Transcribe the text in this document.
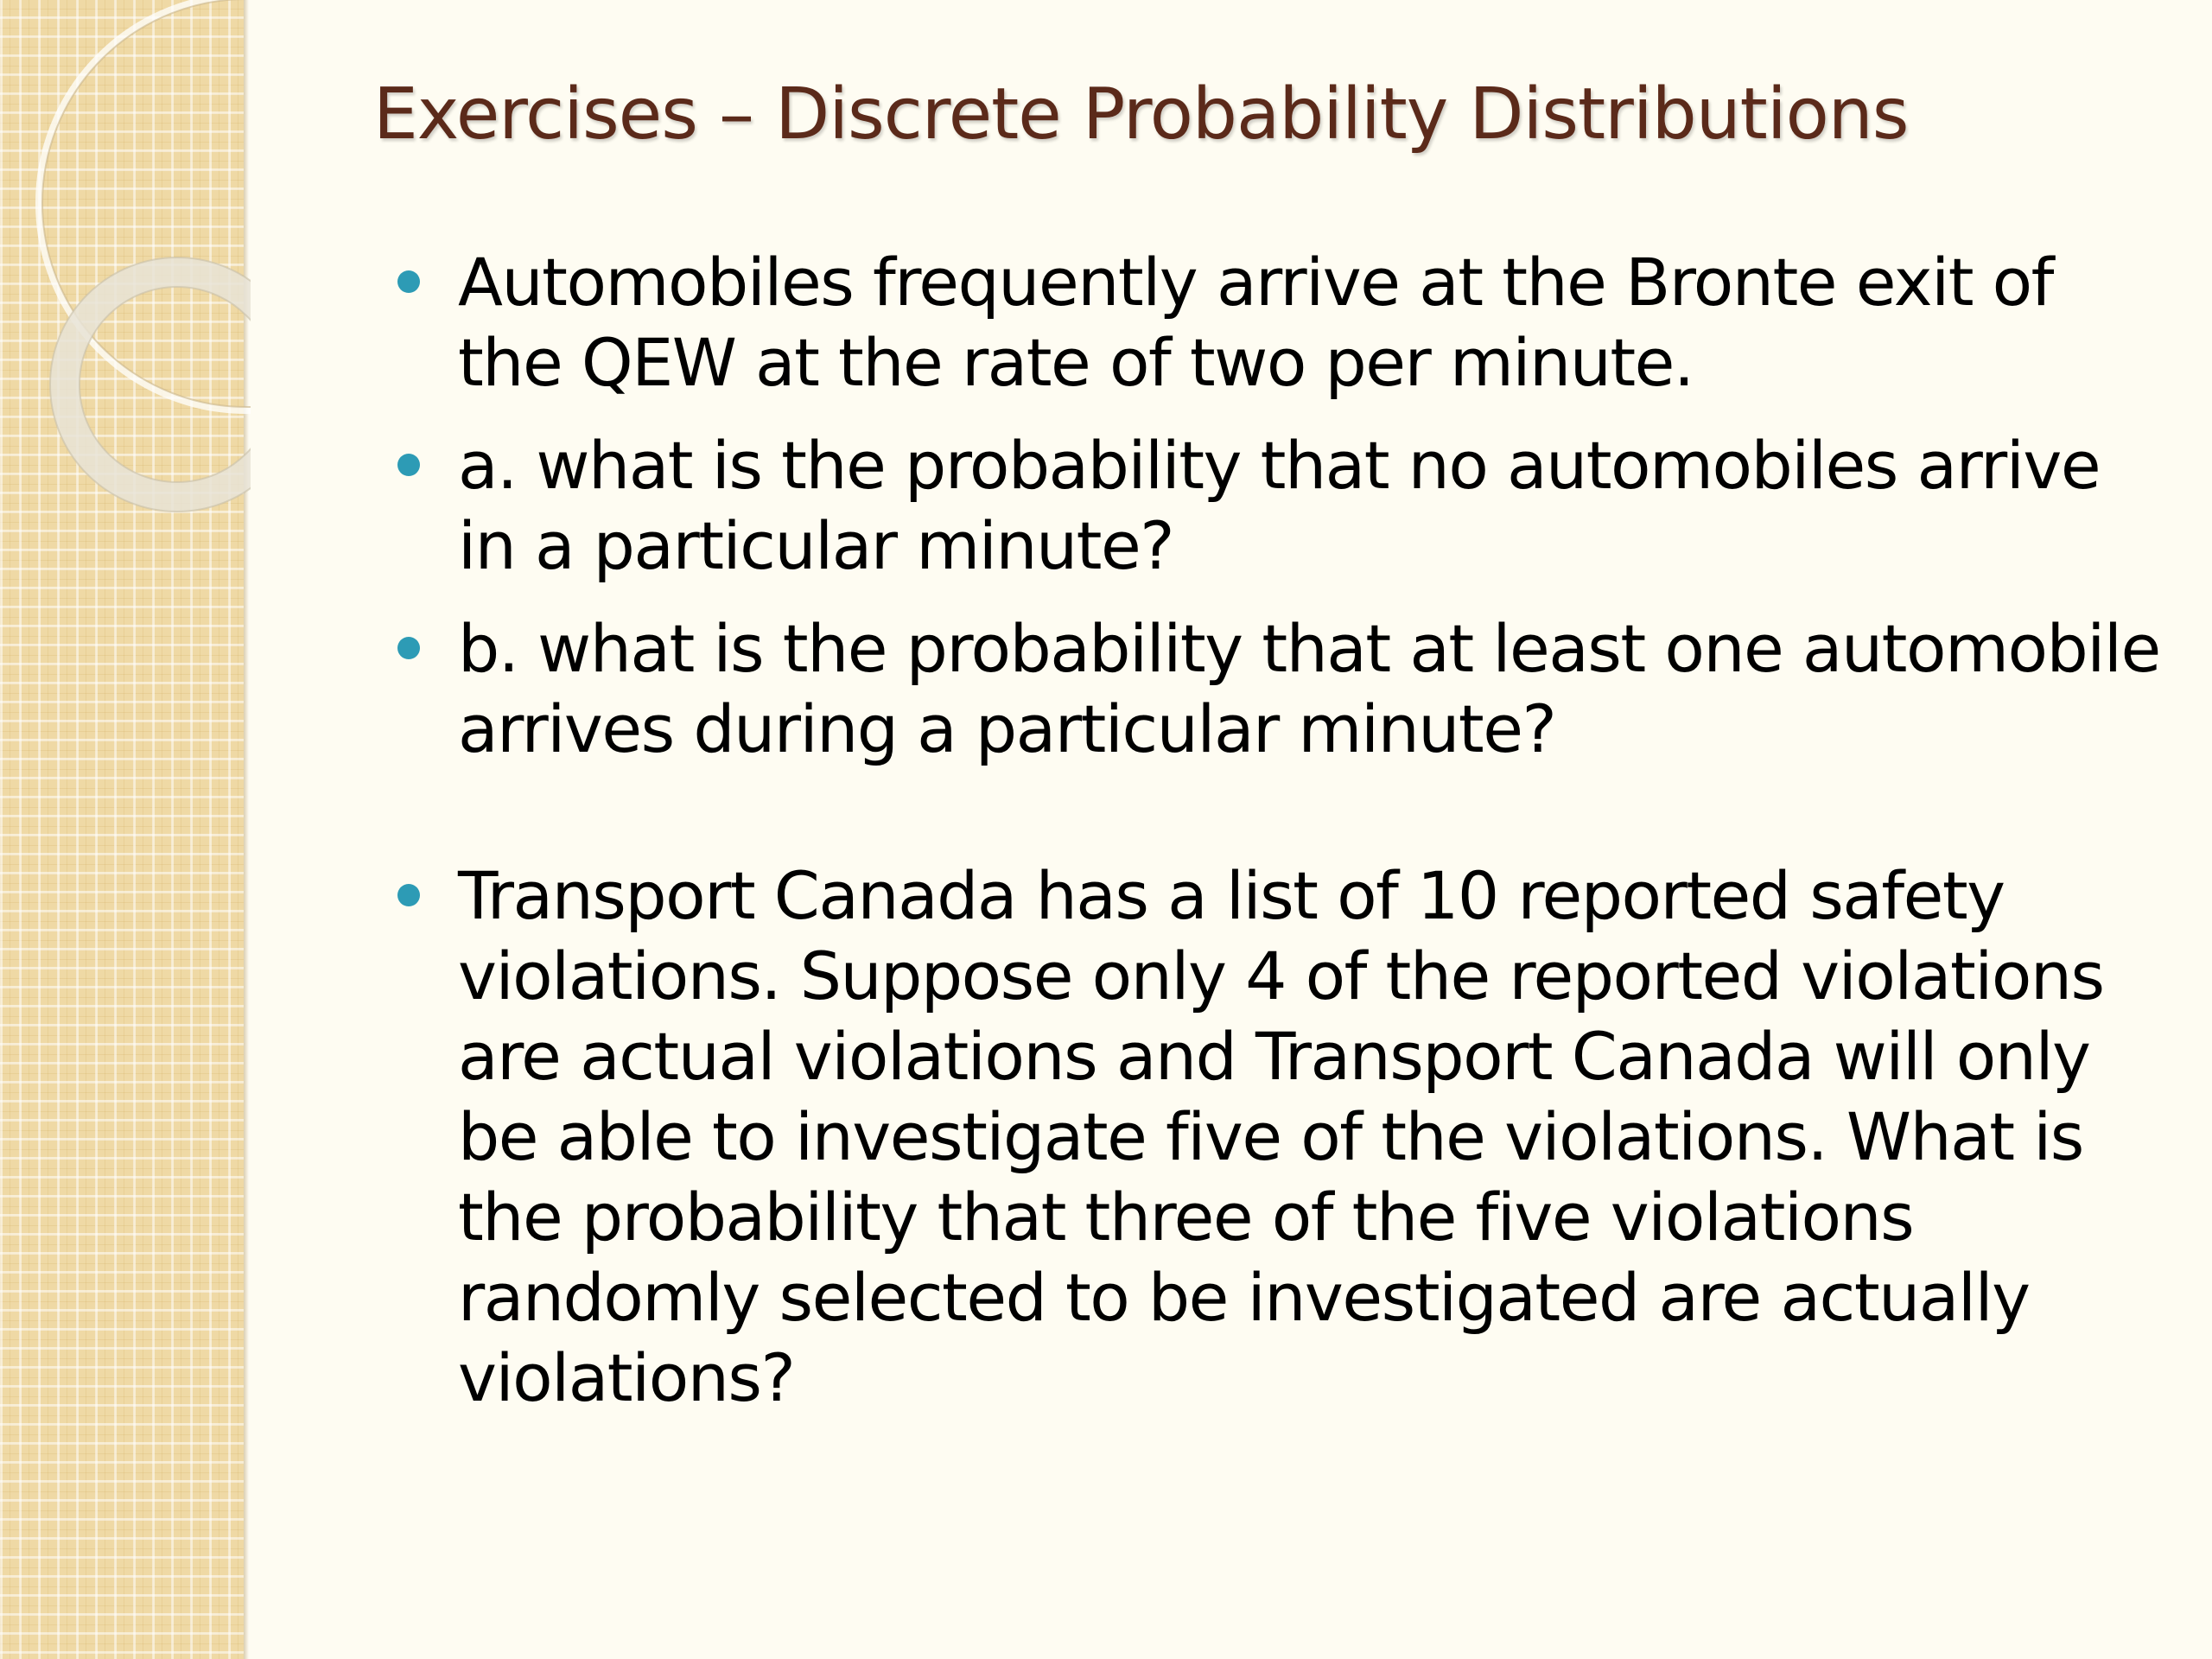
Exercises – Discrete Probability Distributions
Automobiles frequently arrive at the Bronte exit of the QEW at the rate of two per minute.
a. what is the probability that no automobiles arrive in a particular minute?
b. what is the probability that at least one automobile arrives during a particular minute?
Transport Canada has a list of 10 reported safety violations. Suppose only 4 of the reported violations are actual violations and Transport Canada will only be able to investigate five of the violations. What is the probability that three of the five violations randomly selected to be investigated are actually violations?
